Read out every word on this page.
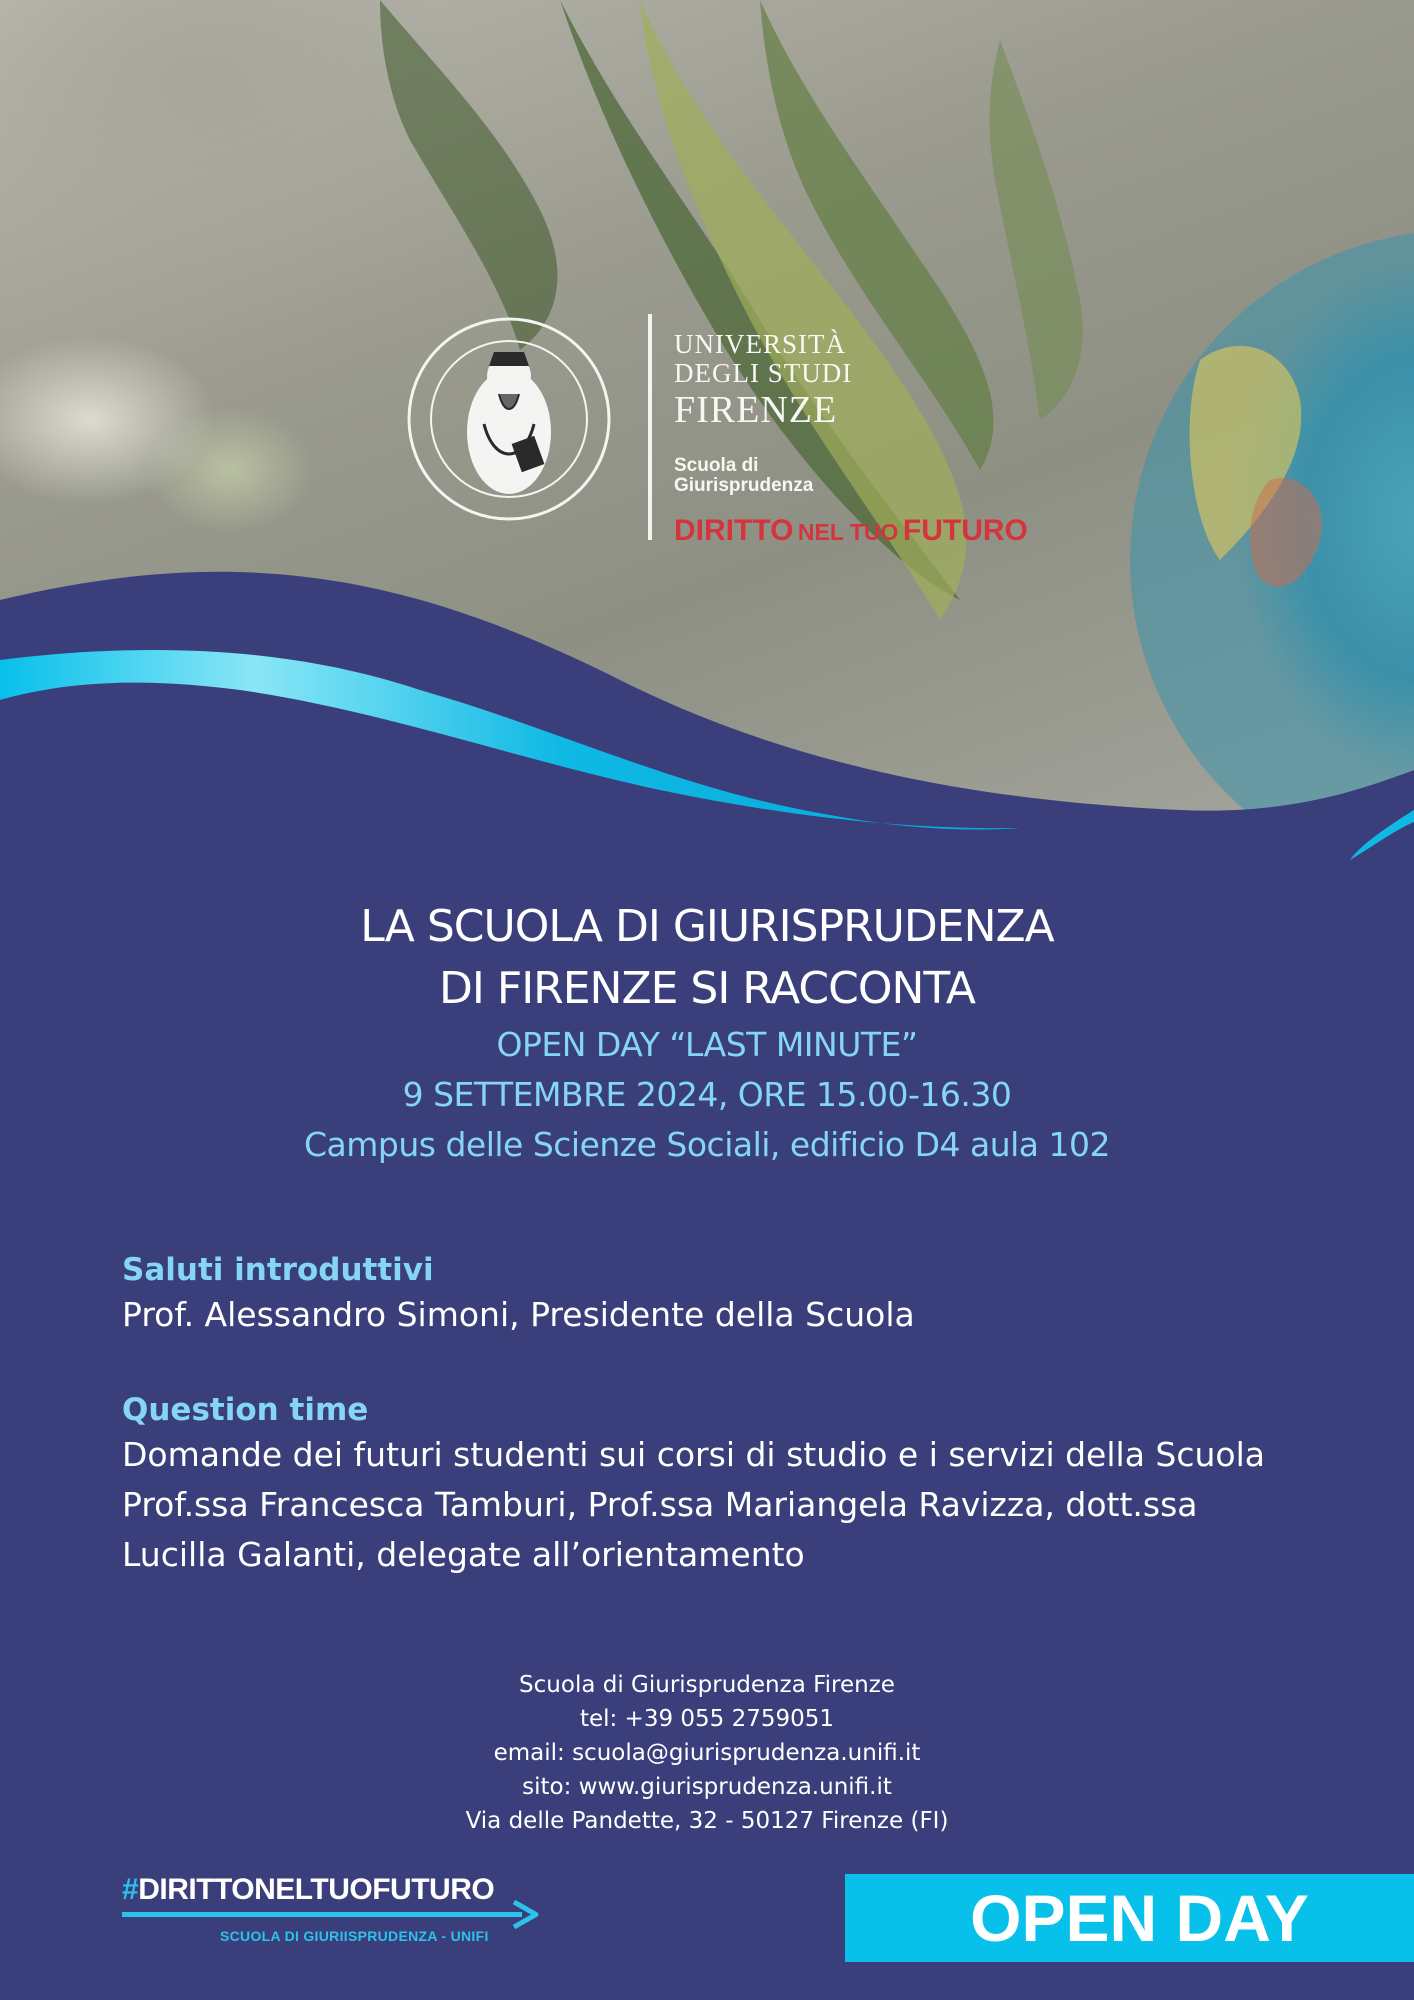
UNIVERSITÀ
DEGLI STUDI
FIRENZE
Scuola di
Giurisprudenza
DIRITTO NEL TUO FUTURO
LA SCUOLA DI GIURISPRUDENZA
DI FIRENZE SI RACCONTA
OPEN DAY “LAST MINUTE”
9 SETTEMBRE 2024, ORE 15.00-16.30
Campus delle Scienze Sociali, edificio D4 aula 102
Saluti introduttivi
Prof. Alessandro Simoni, Presidente della Scuola
Question time
Domande dei futuri studenti sui corsi di studio e i servizi della Scuola
Prof.ssa Francesca Tamburi, Prof.ssa Mariangela Ravizza, dott.ssa
Lucilla Galanti, delegate all’orientamento
Scuola di Giurisprudenza Firenze
tel: +39 055 2759051
email: scuola@giurisprudenza.unifi.it
sito: www.giurisprudenza.unifi.it
Via delle Pandette, 32 - 50127 Firenze (FI)
#DIRITTONELTUOFUTURO
SCUOLA DI GIURIISPRUDENZA - UNIFI	OPEN DAY
